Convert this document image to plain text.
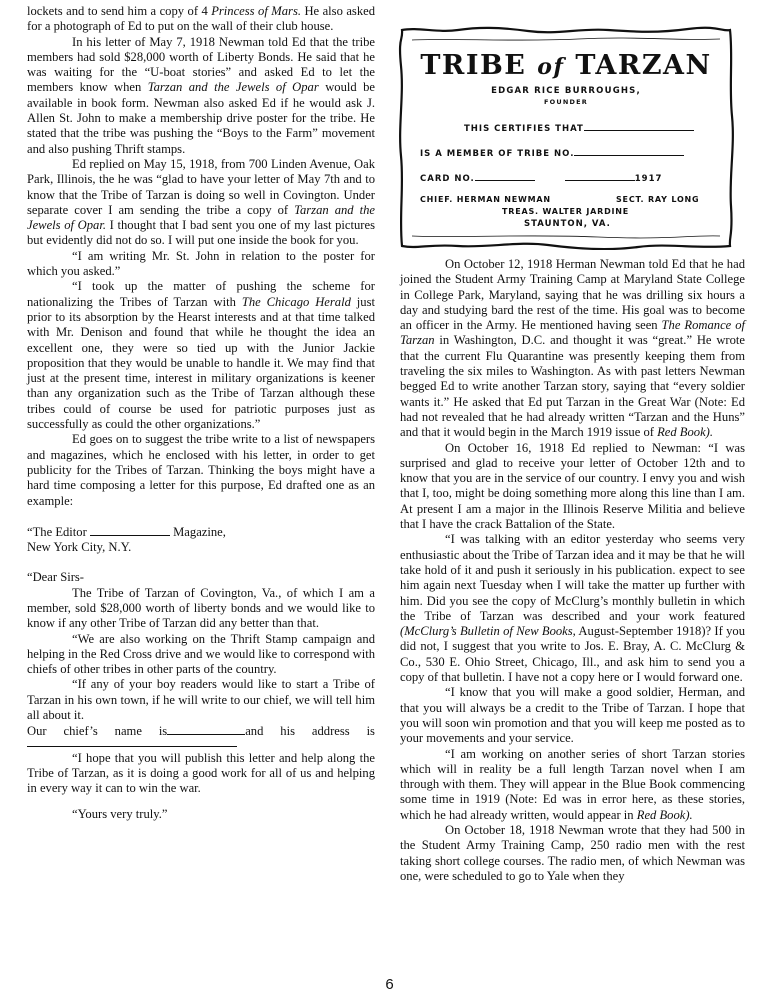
lockets and to send him a copy of 4 Princess of Mars. He also asked for a photograph of Ed to put on the wall of their club house.

In his letter of May 7, 1918 Newman told Ed that the tribe members had sold $28,000 worth of Liberty Bonds. He said that he was waiting for the “U-boat stories” and asked Ed to let the members know when Tarzan and the Jewels of Opar would be available in book form. Newman also asked Ed if he would ask J. Allen St. John to make a membership drive poster for the tribe. He stated that the tribe was pushing the “Boys to the Farm” movement and also pushing Thrift stamps.

Ed replied on May 15, 1918, from 700 Linden Avenue, Oak Park, Illinois, the he was “glad to have your letter of May 7th and to know that the Tribe of Tarzan is doing so well in Covington. Under separate cover I am sending the tribe a copy of Tarzan and the Jewels of Opar. I thought that I bad sent you one of my last pictures but evidently did not do so. I will put one inside the book for you.

“I am writing Mr. St. John in relation to the poster for which you asked.”

“I took up the matter of pushing the scheme for nationalizing the Tribes of Tarzan with The Chicago Herald just prior to its absorption by the Hearst interests and at that time talked with Mr. Denison and found that while he thought the idea an excellent one, they were so tied up with the Junior Jackie proposition that they would be unable to handle it. We may find that just at the present time, interest in military organizations is keener than any organization such as the Tribe of Tarzan although these tribes could of course be used for patriotic purposes just as successfully as could the other organizations.”

Ed goes on to suggest the tribe write to a list of newspapers and magazines, which he enclosed with his letter, in order to get publicity for the Tribes of Tarzan. Thinking the boys might have a hard time composing a letter for this purpose, Ed drafted one as an example:

“The Editor	Magazine,

New York City, N.Y.

“Dear Sirs-

The Tribe of Tarzan of Covington, Va., of which I am a member, sold $28,000 worth of liberty bonds and we would like to know if any other Tribe of Tarzan did any better than that.

“We are also working on the Thrift Stamp campaign and helping in the Red Cross drive and we would like to correspond with chiefs of other tribes in other parts of the country.

“If any of your boy readers would like to start a Tribe of Tarzan in his own town, if he will write to our chief, we will tell him all about it.

Our chief’s name is	and his address is

“I hope that you will publish this letter and help along the Tribe of Tarzan, as it is doing a good work for all of us and helping in every way it can to win the war.

“Yours very truly.”

TRIBE of TARZAN
EDGAR RICE BURROUGHS,
FOUNDER
THIS CERTIFIES THAT
IS A MEMBER OF TRIBE NO.
CARD NO.	1917
CHIEF. HERMAN NEWMAN	SECT. RAY LONG
TREAS. WALTER JARDINE
STAUNTON, VA.

On October 12, 1918 Herman Newman told Ed that he had joined the Student Army Training Camp at Maryland State College in College Park, Maryland, saying that he was drilling six hours a day and studying bard the rest of the time. His goal was to become an officer in the Army. He mentioned having seen The Romance of Tarzan in Washington, D.C. and thought it was “great.” He wrote that the current Flu Quarantine was presently keeping them from traveling the six miles to Washington. As with past letters Newman begged Ed to write another Tarzan story, saying that “every soldier wants it.” He asked that Ed put Tarzan in the Great War (Note: Ed had not revealed that he had already written “Tarzan and the Huns” and that it would begin in the March 1919 issue of Red Book).

On October 16, 1918 Ed replied to Newman: “I was surprised and glad to receive your letter of October 12th and to know that you are in the service of our country. I envy you and wish that I, too, might be doing something more along this line than I am. At present I am a major in the Illinois Reserve Militia and believe that I have the crack Battalion of the State.

“I was talking with an editor yesterday who seems very enthusiastic about the Tribe of Tarzan idea and it may be that he will take hold of it and push it seriously in his publication. expect to see him again next Tuesday when I will take the matter up further with him. Did you see the copy of McClurg’s monthly bulletin in which the Tribe of Tarzan was described and your work featured (McClurg’s Bulletin of New Books, August-September 1918)? If you did not, I suggest that you write to Jos. E. Bray, A. C. McClurg & Co., 530 E. Ohio Street, Chicago, Ill., and ask him to send you a copy of that bulletin. I have not a copy here or I would forward one.

“I know that you will make a good soldier, Herman, and that you will always be a credit to the Tribe of Tarzan. I hope that you will soon win promotion and that you will keep me posted as to your movements and your service.

“I am working on another series of short Tarzan stories which will in reality be a full length Tarzan novel when I am through with them. They will appear in the Blue Book commencing some time in 1919 (Note: Ed was in error here, as these stories, which he had already written, would appear in Red Book).

On October 18, 1918 Newman wrote that they had 500 in the Student Army Training Camp, 250 radio men with the rest taking short college courses. The radio men, of which Newman was one, were scheduled to go to Yale when they

6
